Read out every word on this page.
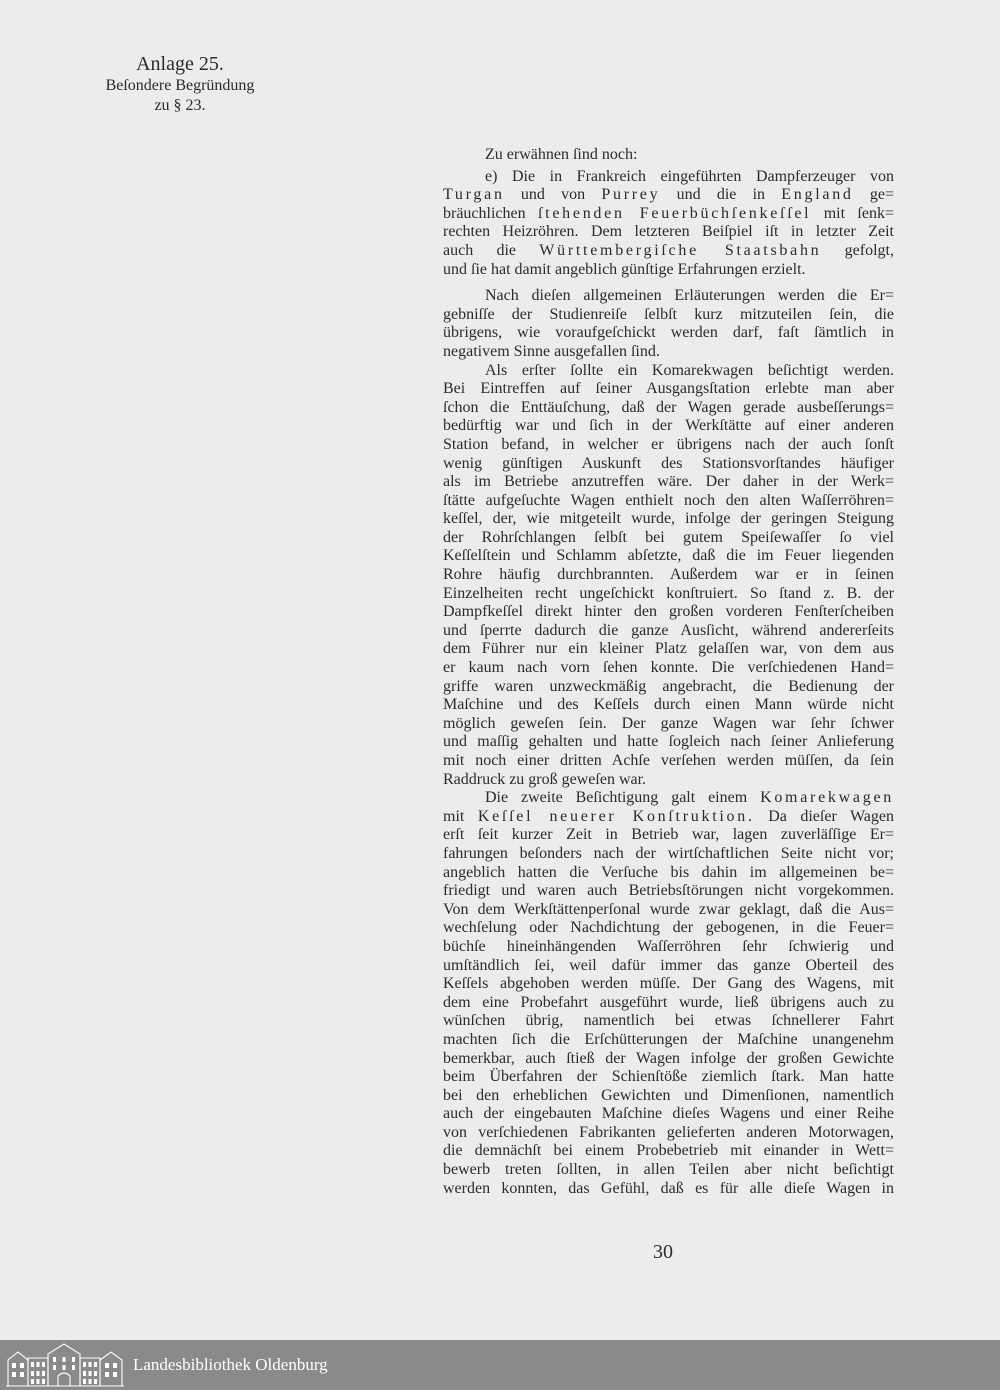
Anlage 25.
Beſondere Begründung
zu § 23.
Zu erwähnen ſind noch:
e) Die in Frankreich eingeführten Dampferzeuger von
Turgan und von Purrey und die in England ge=
bräuchlichen ſtehenden Feuerbüchſenkeſſel mit ſenk=
rechten Heizröhren. Dem letzteren Beiſpiel iſt in letzter Zeit
auch die Württembergiſche Staatsbahn gefolgt,
und ſie hat damit angeblich günſtige Erfahrungen erzielt.
Nach dieſen allgemeinen Erläuterungen werden die Er=
gebniſſe der Studienreiſe ſelbſt kurz mitzuteilen ſein, die
übrigens, wie voraufgeſchickt werden darf, faſt ſämtlich in
negativem Sinne ausgefallen ſind.
Als erſter ſollte ein Komarekwagen beſichtigt werden.
Bei Eintreffen auf ſeiner Ausgangsſtation erlebte man aber
ſchon die Enttäuſchung, daß der Wagen gerade ausbeſſerungs=
bedürftig war und ſich in der Werkſtätte auf einer anderen
Station befand, in welcher er übrigens nach der auch ſonſt
wenig günſtigen Auskunft des Stationsvorſtandes häufiger
als im Betriebe anzutreffen wäre. Der daher in der Werk=
ſtätte aufgeſuchte Wagen enthielt noch den alten Waſſerröhren=
keſſel, der, wie mitgeteilt wurde, infolge der geringen Steigung
der Rohrſchlangen ſelbſt bei gutem Speiſewaſſer ſo viel
Keſſelſtein und Schlamm abſetzte, daß die im Feuer liegenden
Rohre häufig durchbrannten. Außerdem war er in ſeinen
Einzelheiten recht ungeſchickt konſtruiert. So ſtand z. B. der
Dampfkeſſel direkt hinter den großen vorderen Fenſterſcheiben
und ſperrte dadurch die ganze Ausſicht, während andererſeits
dem Führer nur ein kleiner Platz gelaſſen war, von dem aus
er kaum nach vorn ſehen konnte. Die verſchiedenen Hand=
griffe waren unzweckmäßig angebracht, die Bedienung der
Maſchine und des Keſſels durch einen Mann würde nicht
möglich geweſen ſein. Der ganze Wagen war ſehr ſchwer
und maſſig gehalten und hatte ſogleich nach ſeiner Anlieferung
mit noch einer dritten Achſe verſehen werden müſſen, da ſein
Raddruck zu groß geweſen war.
Die zweite Beſichtigung galt einem Komarekwagen
mit Keſſel neuerer Konſtruktion. Da dieſer Wagen
erſt ſeit kurzer Zeit in Betrieb war, lagen zuverläſſige Er=
fahrungen beſonders nach der wirtſchaftlichen Seite nicht vor;
angeblich hatten die Verſuche bis dahin im allgemeinen be=
friedigt und waren auch Betriebsſtörungen nicht vorgekommen.
Von dem Werkſtättenperſonal wurde zwar geklagt, daß die Aus=
wechſelung oder Nachdichtung der gebogenen, in die Feuer=
büchſe hineinhängenden Waſſerröhren ſehr ſchwierig und
umſtändlich ſei, weil dafür immer das ganze Oberteil des
Keſſels abgehoben werden müſſe. Der Gang des Wagens, mit
dem eine Probefahrt ausgeführt wurde, ließ übrigens auch zu
wünſchen übrig, namentlich bei etwas ſchnellerer Fahrt
machten ſich die Erſchütterungen der Maſchine unangenehm
bemerkbar, auch ſtieß der Wagen infolge der großen Gewichte
beim Überfahren der Schienſtöße ziemlich ſtark. Man hatte
bei den erheblichen Gewichten und Dimenſionen, namentlich
auch der eingebauten Maſchine dieſes Wagens und einer Reihe
von verſchiedenen Fabrikanten gelieferten anderen Motorwagen,
die demnächſt bei einem Probebetrieb mit einander in Wett=
bewerb treten ſollten, in allen Teilen aber nicht beſichtigt
werden konnten, das Gefühl, daß es für alle dieſe Wagen in
30
Landesbibliothek Oldenburg
